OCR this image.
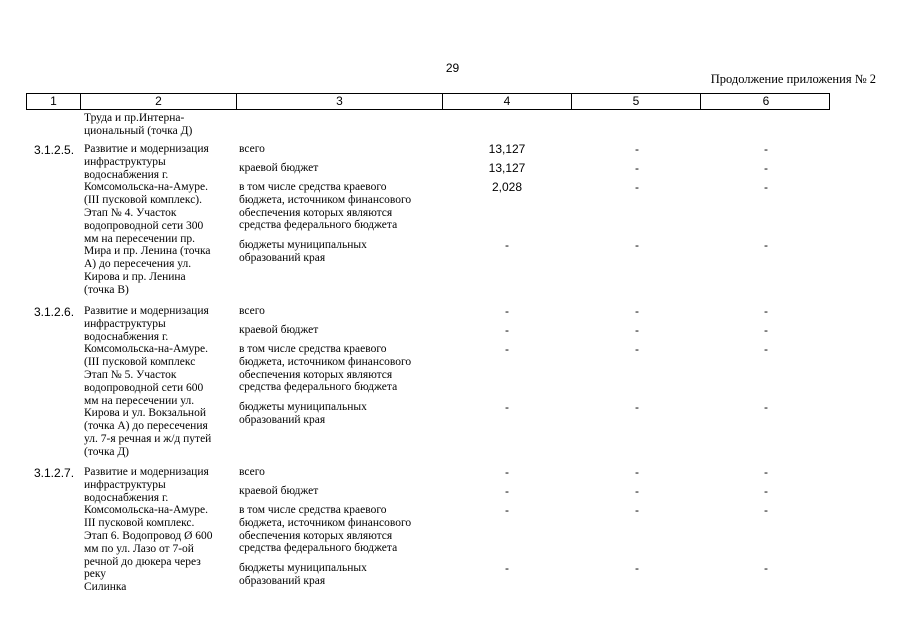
29
Продолжение приложения № 2
1	2	3	4	5	6
Труда и пр.Интерна-
циональный (точка Д)
3.1.2.5. Развитие и модернизация
инфраструктуры
водоснабжения г.
Комсомольска-на-Амуре.
(III пусковой комплекс).
Этап № 4. Участок
водопроводной сети 300
мм на пересечении пр.
Мира и пр. Ленина (точка
А) до пересечения ул.
Кирова и пр. Ленина
(точка В)
всего	13,127	-	-
краевой бюджет	13,127	-	-
в том числе средства краевого
бюджета, источником финансового
обеспечения которых являются
средства федерального бюджета
2,028	-	-
бюджеты муниципальных
образований края
-	-	-
3.1.2.6. Развитие и модернизация
инфраструктуры
водоснабжения г.
Комсомольска-на-Амуре.
(III пусковой комплекс
Этап № 5. Участок
водопроводной сети 600
мм на пересечении ул.
Кирова и ул. Вокзальной
(точка А) до пересечения
ул. 7-я речная и ж/д путей
(точка Д)
всего	-	-	-
краевой бюджет	-	-	-
в том числе средства краевого
бюджета, источником финансового
обеспечения которых являются
средства федерального бюджета
-	-	-
бюджеты муниципальных
образований края
-	-	-
3.1.2.7. Развитие и модернизация
инфраструктуры
водоснабжения г.
Комсомольска-на-Амуре.
III пусковой комплекс.
Этап 6. Водопровод Ø 600
мм по ул. Лазо от 7-ой
речной до дюкера через
реку
Силинка
всего	-	-	-
краевой бюджет	-	-	-
в том числе средства краевого
бюджета, источником финансового
обеспечения которых являются
средства федерального бюджета
-	-	-
бюджеты муниципальных
образований края
-	-	-
